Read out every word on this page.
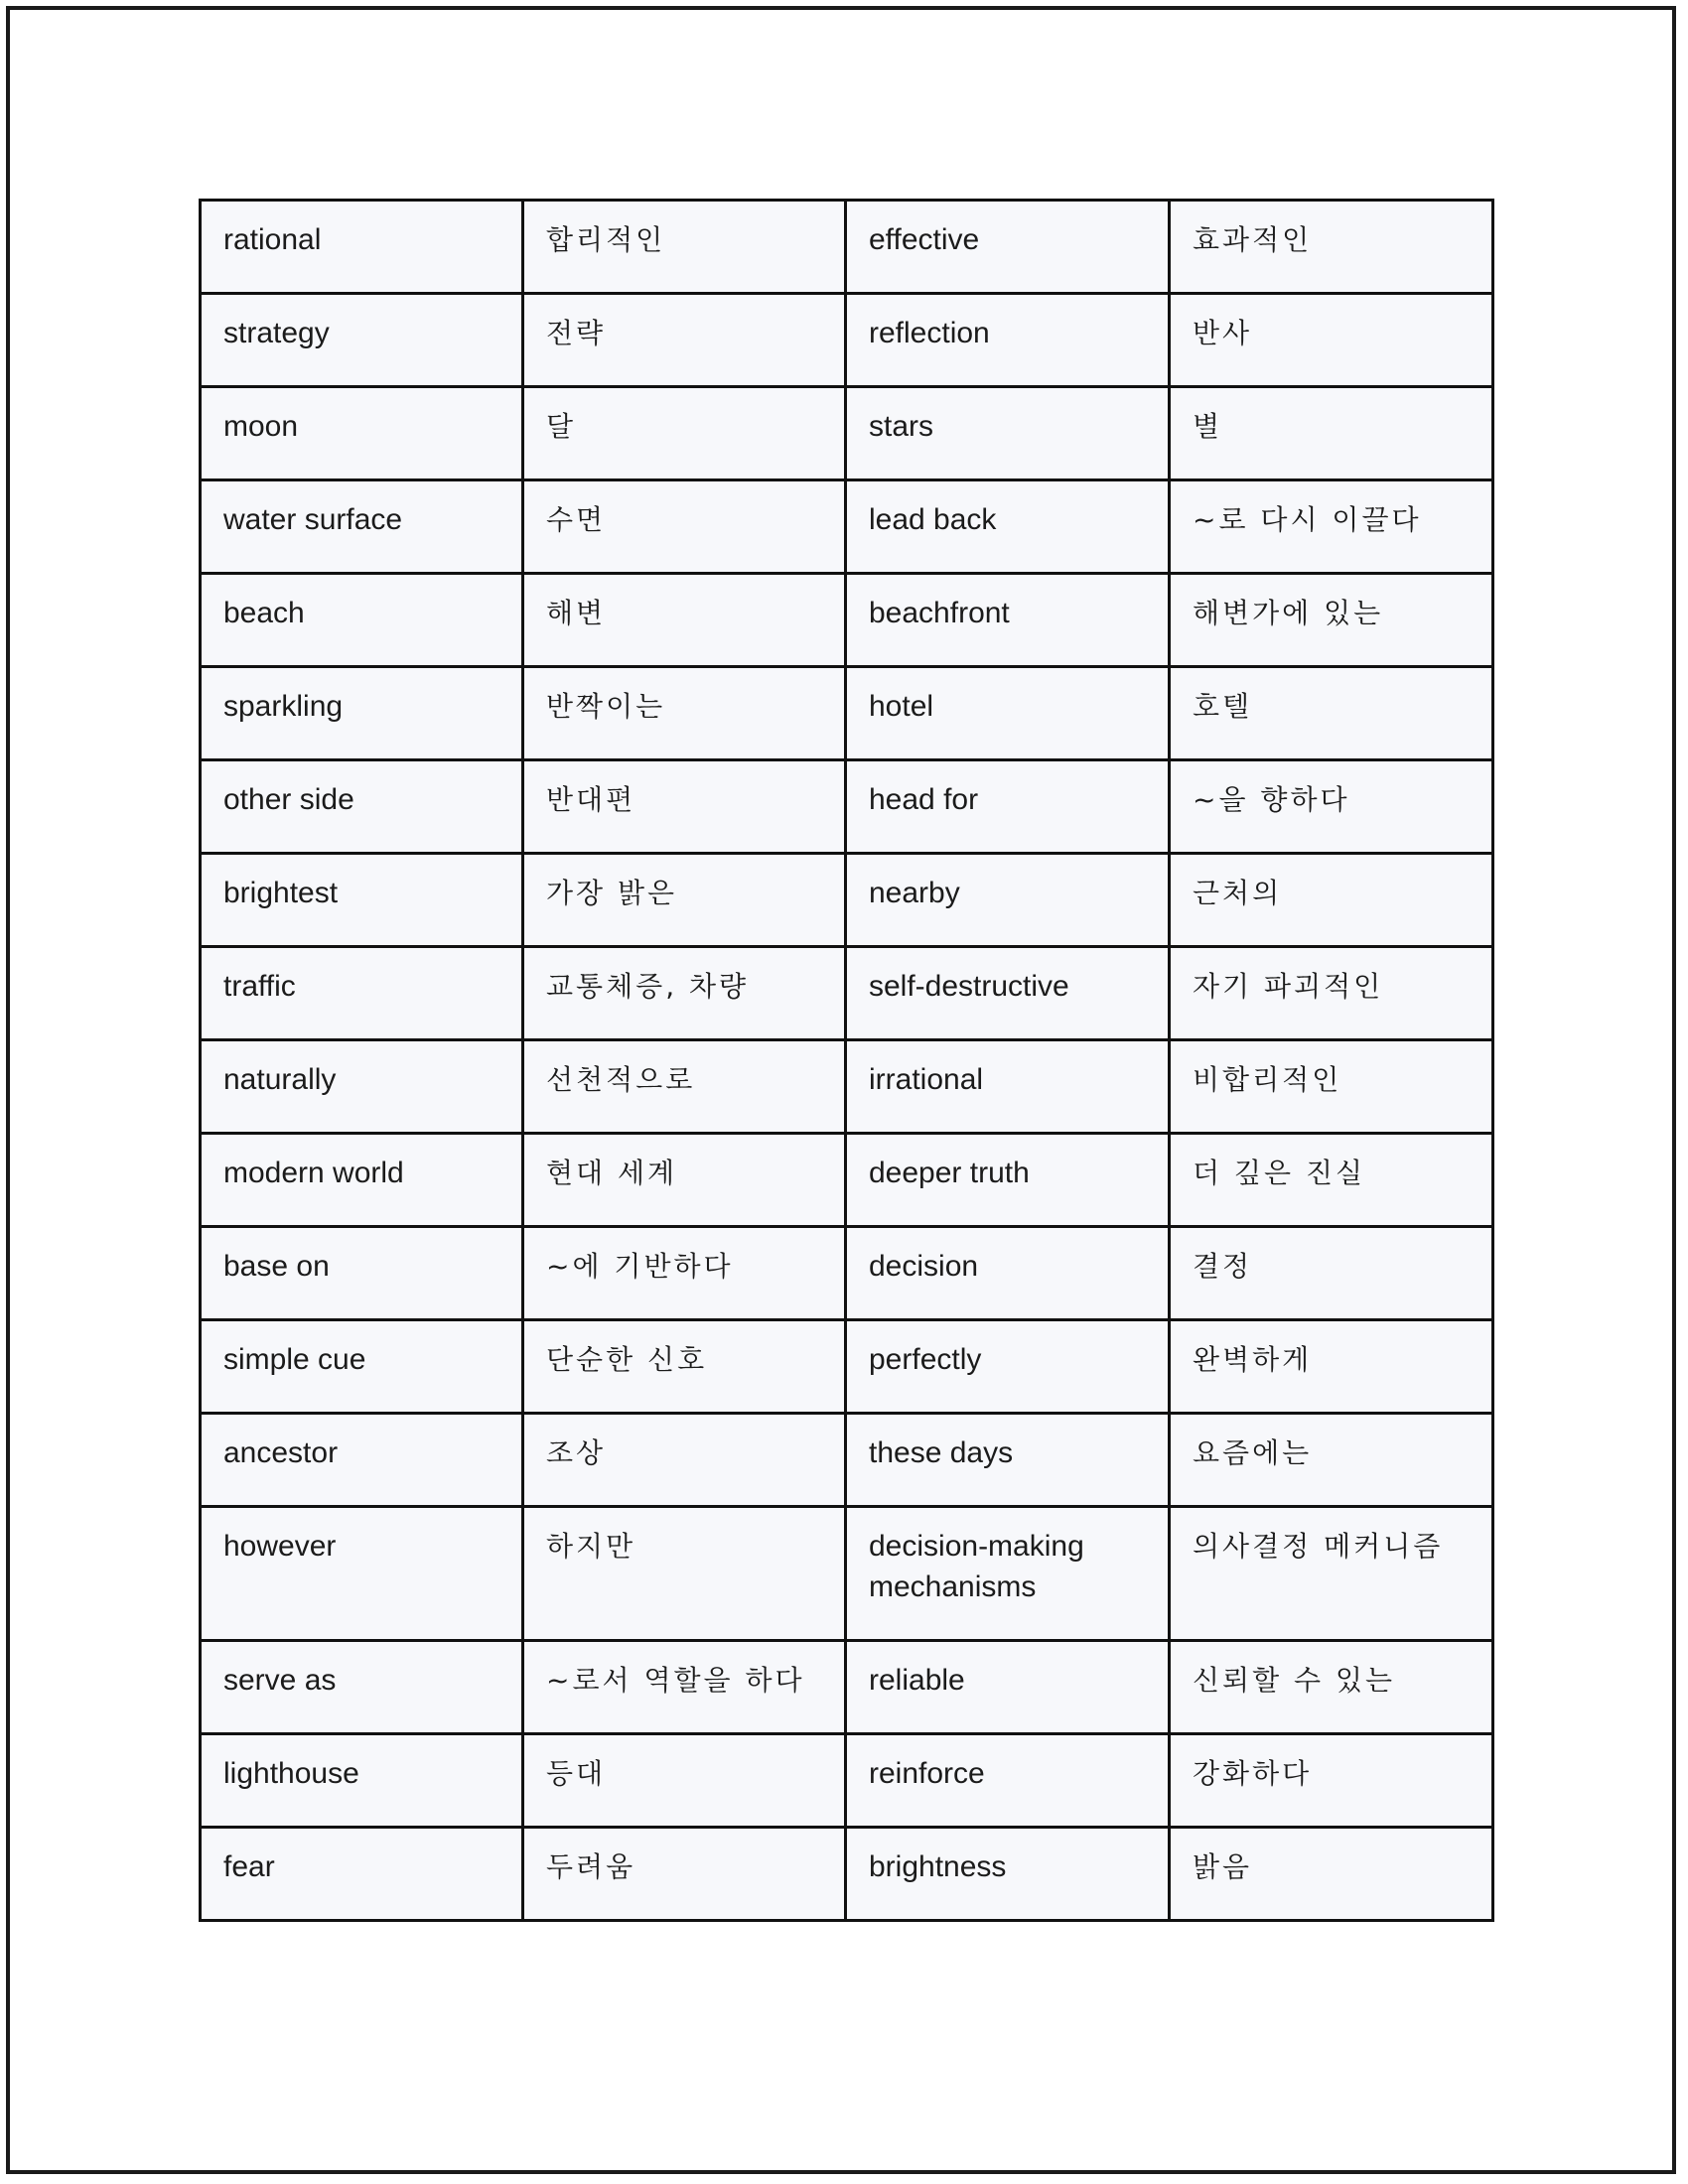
rational	합리적인	effective	효과적인
strategy	전략	reflection	반사
moon	달	stars	별
water surface	수면	lead back	~로 다시 이끌다
beach	해변	beachfront	해변가에 있는
sparkling	반짝이는	hotel	호텔
other side	반대편	head for	~을 향하다
brightest	가장 밝은	nearby	근처의
traffic	교통체증, 차량	self-destructive	자기 파괴적인
naturally	선천적으로	irrational	비합리적인
modern world	현대 세계	deeper truth	더 깊은 진실
base on	~에 기반하다	decision	결정
simple cue	단순한 신호	perfectly	완벽하게
ancestor	조상	these days	요즘에는
however	하지만	decision-making mechanisms	의사결정 메커니즘
serve as	~로서 역할을 하다	reliable	신뢰할 수 있는
lighthouse	등대	reinforce	강화하다
fear	두려움	brightness	밝음
